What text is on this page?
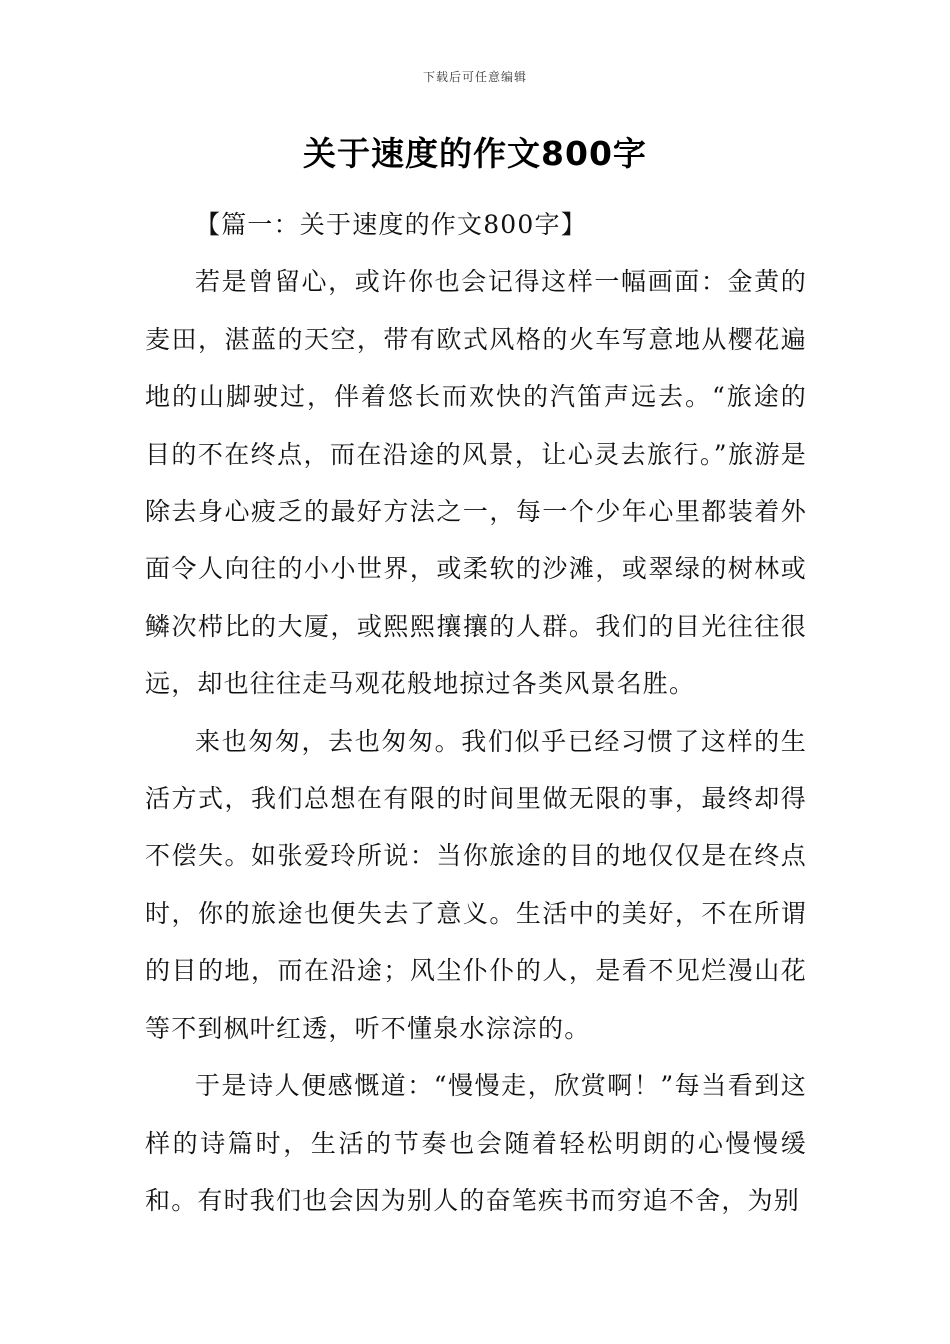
下载后可任意编辑
关于速度的作文800字

【篇一：关于速度的作文800字】

若是曾留心，或许你也会记得这样一幅画面：金黄的麦田，湛蓝的天空，带有欧式风格的火车写意地从樱花遍地的山脚驶过，伴着悠长而欢快的汽笛声远去。“旅途的目的不在终点，而在沿途的风景，让心灵去旅行。”旅游是除去身心疲乏的最好方法之一，每一个少年心里都装着外面令人向往的小小世界，或柔软的沙滩，或翠绿的树林或鳞次栉比的大厦，或熙熙攘攘的人群。我们的目光往往很远，却也往往走马观花般地掠过各类风景名胜。

来也匆匆，去也匆匆。我们似乎已经习惯了这样的生活方式，我们总想在有限的时间里做无限的事，最终却得不偿失。如张爱玲所说：当你旅途的目的地仅仅是在终点时，你的旅途也便失去了意义。生活中的美好，不在所谓的目的地，而在沿途；风尘仆仆的人，是看不见烂漫山花等不到枫叶红透，听不懂泉水淙淙的。

于是诗人便感慨道：“慢慢走，欣赏啊！”每当看到这样的诗篇时，生活的节奏也会随着轻松明朗的心慢慢缓和。有时我们也会因为别人的奋笔疾书而穷追不舍，为别
